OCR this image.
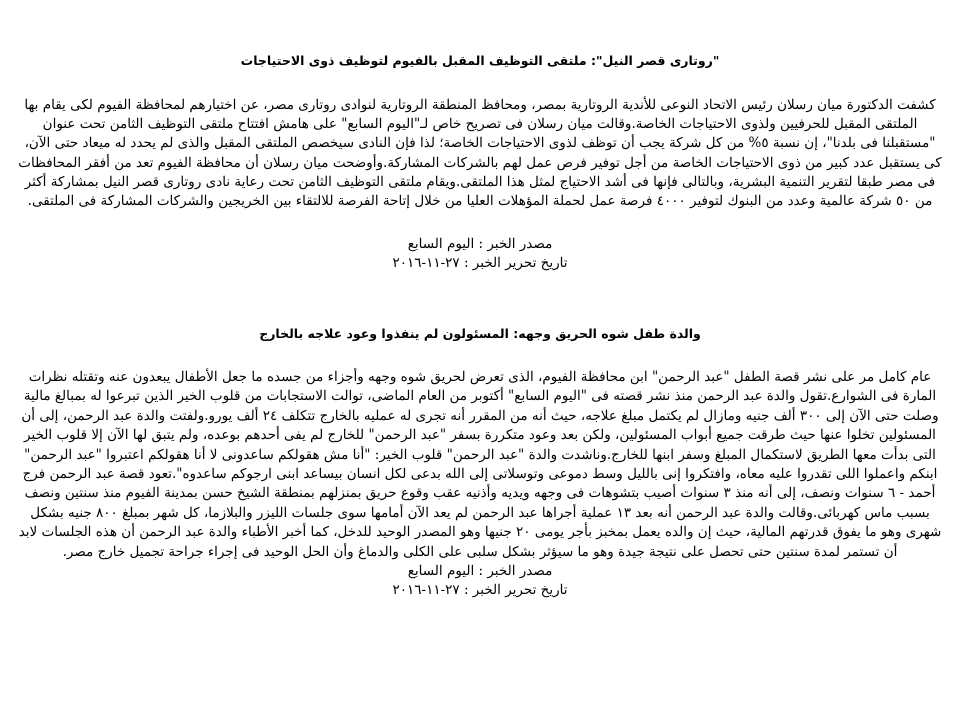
"روتارى قصر النيل": ملتقى التوظيف المقبل بالفيوم لتوظيف ذوى الاحتياجات

كشفت الدكتورة ميان رسلان رئيس الاتحاد النوعى للأندية الروتارية بمصر، ومحافظ المنطقة الروتارية لنوادى روتارى مصر، عن اختيارهم لمحافظة الفيوم لكى يقام بها الملتقى المقبل للحرفيين ولذوى الاحتياجات الخاصة.وقالت ميان رسلان فى تصريح خاص لـ"اليوم السابع" على هامش افتتاح ملتقى التوظيف الثامن تحت عنوان "مستقبلنا فى بلدنا"، إن نسبة ٥% من كل شركة يجب أن توظف لذوى الاحتياجات الخاصة؛ لذا فإن النادى سيخصص الملتقى المقبل والذى لم يحدد له ميعاد حتى الآن، كى يستقبل عدد كبير من ذوى الاحتياجات الخاصة من أجل توفير فرص عمل لهم بالشركات المشاركة.وأوضحت ميان رسلان أن محافظة الفيوم تعد من أفقر المحافظات فى مصر طبقا لتقرير التنمية البشرية، وبالتالى فإنها فى أشد الاحتياج لمثل هذا الملتقى.ويقام ملتقى التوظيف الثامن تحت رعاية نادى روتارى قصر النيل بمشاركة أكثر من ٥٠ شركة عالمية وعدد من البنوك لتوفير ٤٠٠٠ فرصة عمل لحملة المؤهلات العليا من خلال إتاحة الفرصة للالتقاء بين الخريجين والشركات المشاركة فى الملتقى.

مصدر الخبر : اليوم السابع

تاريخ تحرير الخبر : ٢٧-١١-٢٠١٦

والدة طفل شوه الحريق وجهه: المسئولون لم ينفذوا وعود علاجه بالخارج

عام كامل مر على نشر قصة الطفل "عبد الرحمن" ابن محافظة الفيوم، الذى تعرض لحريق شوه وجهه وأجزاء من جسده ما جعل الأطفال يبعدون عنه وتقتله نظرات المارة فى الشوارع.تقول والدة عبد الرحمن منذ نشر قصته فى "اليوم السابع" أكتوبر من العام الماضى، توالت الاستجابات من قلوب الخير الذين تبرعوا له بمبالغ مالية وصلت حتى الآن إلى ٣٠٠ ألف جنيه ومازال لم يكتمل مبلغ علاجه، حيث أنه من المقرر أنه تجرى له عمليه بالخارج تتكلف ٢٤ ألف يورو.ولفتت والدة عبد الرحمن، إلى أن المسئولين تخلوا عنها حيث طرقت جميع أبواب المسئولين، ولكن بعد وعود متكررة بسفر "عبد الرحمن" للخارج لم يفى أحدهم بوعده، ولم يتبق لها الآن إلا قلوب الخير التى بدأت معها الطريق لاستكمال المبلغ وسفر ابنها للخارج.وناشدت والدة "عبد الرحمن" قلوب الخير: "أنا مش هقولكم ساعدونى لا أنا هقولكم اعتبروا "عبد الرحمن" ابنكم واعملوا اللى تقدروا عليه معاه، وافتكروا إنى بالليل وسط دموعى وتوسلاتى إلى الله بدعى لكل انسان بيساعد ابنى ارجوكم ساعدوه".تعود قصة عبد الرحمن فرج أحمد - ٦ سنوات ونصف، إلى أنه منذ ٣ سنوات أصيب بتشوهات فى وجهه ويديه وأذنيه عقب وقوع حريق بمنزلهم بمنطقة الشيخ حسن بمدينة الفيوم منذ سنتين ونصف بسبب ماس كهربائى.وقالت والدة عبد الرحمن أنه بعد ١٣ عملية أجراها عبد الرحمن لم يعد الآن أمامها سوى جلسات الليزر والبلازما، كل شهر بمبلغ ٨٠٠ جنيه بشكل شهرى وهو ما يفوق قدرتهم المالية، حيث إن والده يعمل بمخبز بأجر يومى ٢٠ جنيها وهو المصدر الوحيد للدخل، كما أخبر الأطباء والدة عبد الرحمن أن هذه الجلسات لابد أن تستمر لمدة سنتين حتى تحصل على نتيجة جيدة وهو ما سيؤثر بشكل سلبى على الكلى والدماغ وأن الحل الوحيد فى إجراء جراحة تجميل خارج مصر.

مصدر الخبر : اليوم السابع

تاريخ تحرير الخبر : ٢٧-١١-٢٠١٦
